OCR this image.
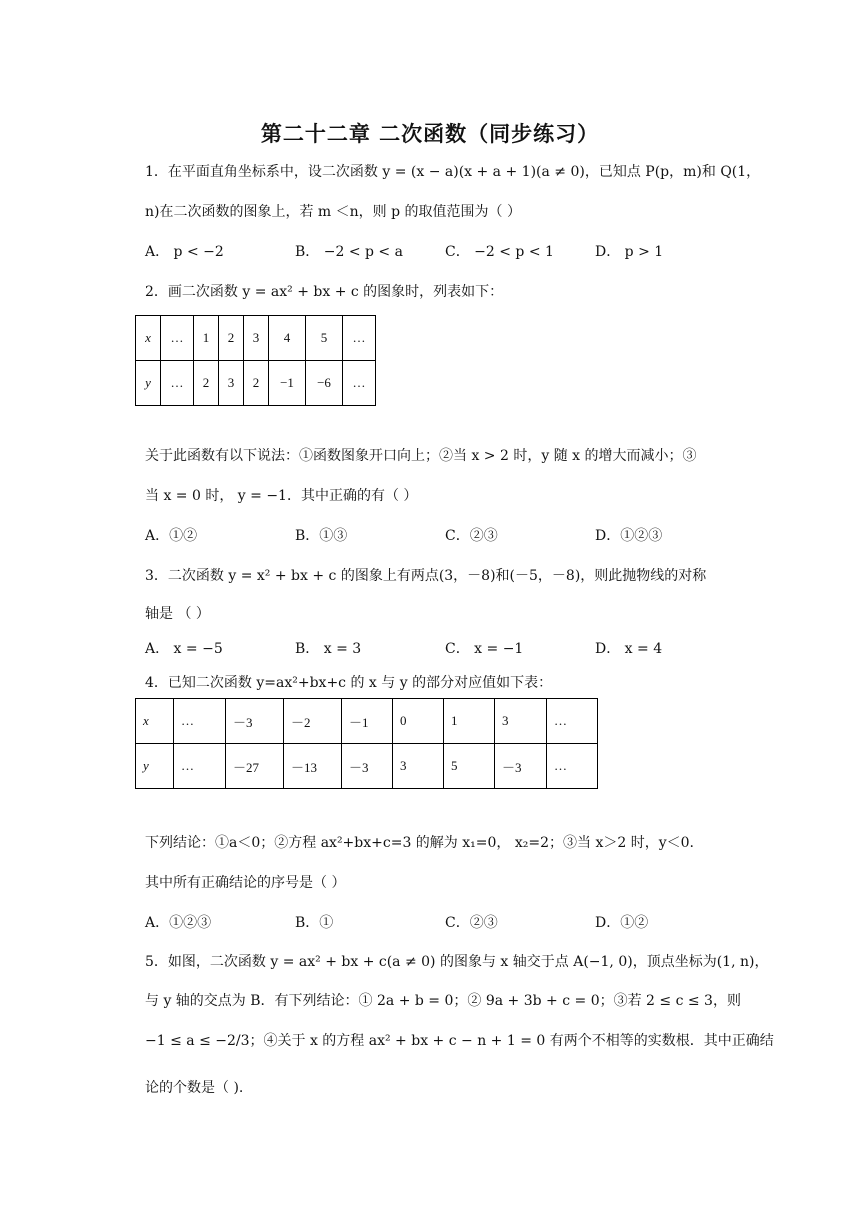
第二十二章 二次函数（同步练习）
1．在平面直角坐标系中，设二次函数 y = (x − a)(x + a + 1)(a ≠ 0)，已知点 P(p，m)和 Q(1，
n)在二次函数的图象上，若 m ＜n，则 p 的取值范围为（ ）
A． p < −2	B． −2 < p < a	C． −2 < p < 1	D． p > 1
2．画二次函数 y = ax² + bx + c 的图象时，列表如下：
x	…	1	2	3	4	5	…
y	…	2	3	2	−1	−6	…
关于此函数有以下说法：①函数图象开口向上；②当 x > 2 时，y 随 x 的增大而减小；③
当 x = 0 时， y = −1．其中正确的有（ ）
A．①②	B．①③	C．②③	D．①②③
3．二次函数 y = x² + bx + c 的图象上有两点(3，－8)和(－5，－8)，则此抛物线的对称
轴是 （ ）
A． x = −5	B． x = 3	C． x = −1	D． x = 4
4．已知二次函数 y=ax²+bx+c 的 x 与 y 的部分对应值如下表：
x	…	－3	－2	－1	0	1	3	…
y	…	－27	－13	－3	3	5	－3	…
下列结论：①a＜0；②方程 ax²+bx+c=3 的解为 x₁=0， x₂=2；③当 x＞2 时，y＜0.
其中所有正确结论的序号是（ ）
A．①②③	B．①	C．②③	D．①②
5．如图，二次函数 y = ax² + bx + c(a ≠ 0) 的图象与 x 轴交于点 A(−1, 0)，顶点坐标为(1, n)，
与 y 轴的交点为 B．有下列结论：① 2a + b = 0；② 9a + 3b + c = 0；③若 2 ≤ c ≤ 3，则
−1 ≤ a ≤ −2/3；④关于 x 的方程 ax² + bx + c − n + 1 = 0 有两个不相等的实数根．其中正确结
论的个数是（ ).
